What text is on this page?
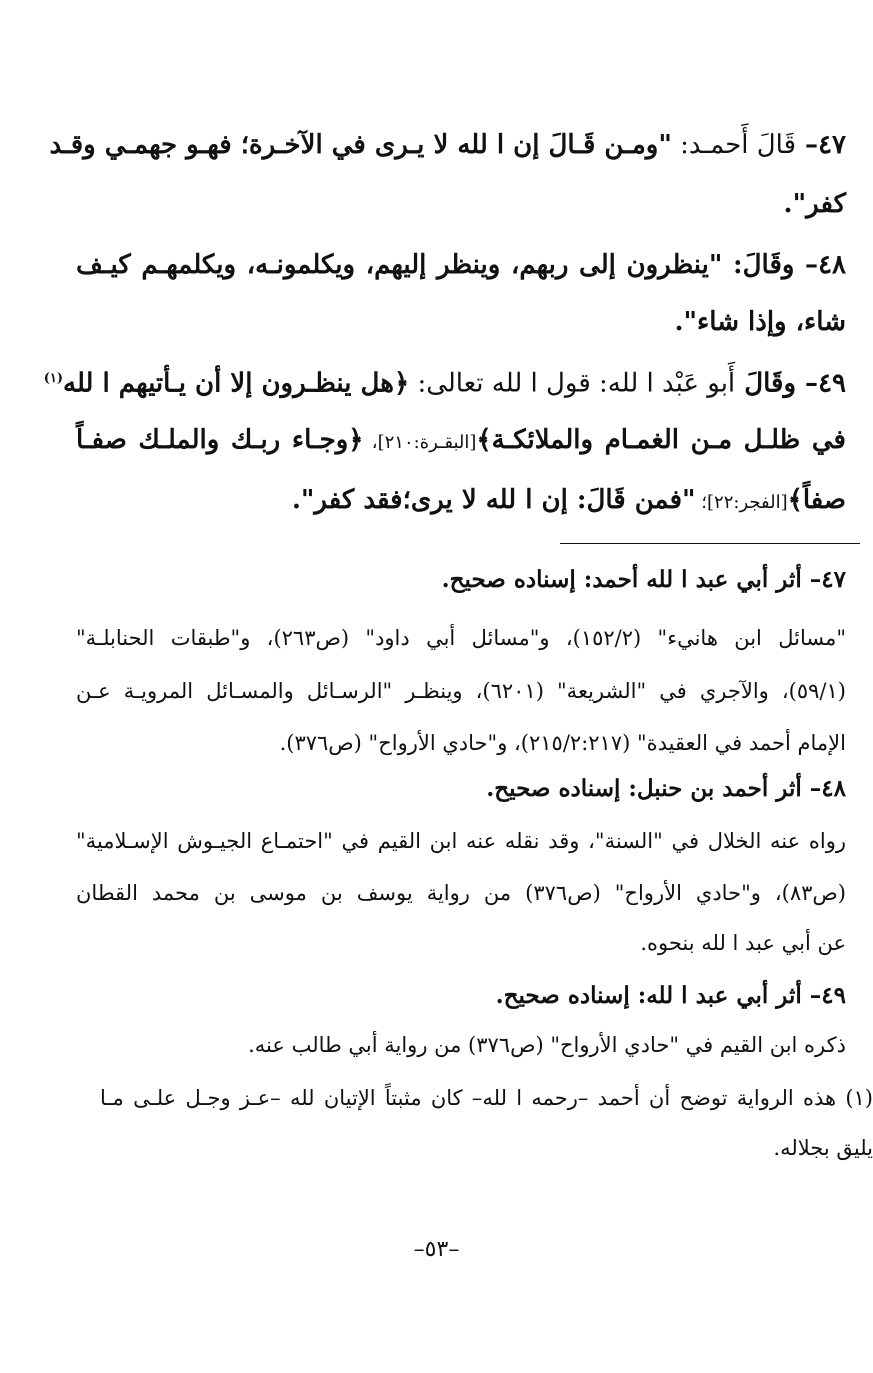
٤٧– قَالَ أَحمـد: "ومـن قَـالَ إن ا لله لا يـرى في الآخـرة؛ فهـو جهمـي وقـد
كفر".
٤٨– وقَالَ: "ينظرون إلى ربهم، وينظر إليهم، ويكلمونـه، ويكلمهـم كيـف
شاء، وإذا شاء".
٤٩– وقَالَ أَبو عَبْد ا لله: قول ا لله تعالى: ﴿هل ينظـرون إلا أن يـأتيهم ا لله$^{(١)}$
في ظلـل مـن الغمـام والملائكـة﴾[البقـرة:٢١٠]، ﴿وجـاء ربـك والملـك صفـاً
صفاً﴾[الفجر:٢٢]؛ "فمن قَالَ: إن ا لله لا يرى؛فقد كفر".
٤٧– أثر أبي عبد ا لله أحمد: إسناده صحيح.
"مسائل ابن هانيء" (١٥٢/٢)، و"مسائل أبي داود" (ص٢٦٣)، و"طبقات الحنابلـة"
(٥٩/١)، والآجري في "الشريعة" (٦٢٠١)، وينظـر "الرسـائل والمسـائل المرويـة عـن
الإمام أحمد في العقيدة" (٢١٥/٢:٢١٧)، و"حادي الأرواح" (ص٣٧٦).
٤٨– أثر أحمد بن حنبل: إسناده صحيح.
رواه عنه الخلال في "السنة"، وقد نقله عنه ابن القيم في "احتمـاع الجيـوش الإسـلامية"
(ص٨٣)، و"حادي الأرواح" (ص٣٧٦) من رواية يوسف بن موسى بن محمد القطان
عن أبي عبد ا لله بنحوه.
٤٩– أثر أبي عبد ا لله: إسناده صحيح.
ذكره ابن القيم في "حادي الأرواح" (ص٣٧٦) من رواية أبي طالب عنه.
(١) هذه الرواية توضح أن أحمد –رحمه ا لله– كان مثبتاً الإتيان لله –عـز وجـل علـى مـا
يليق بجلاله.
–٥٣–
